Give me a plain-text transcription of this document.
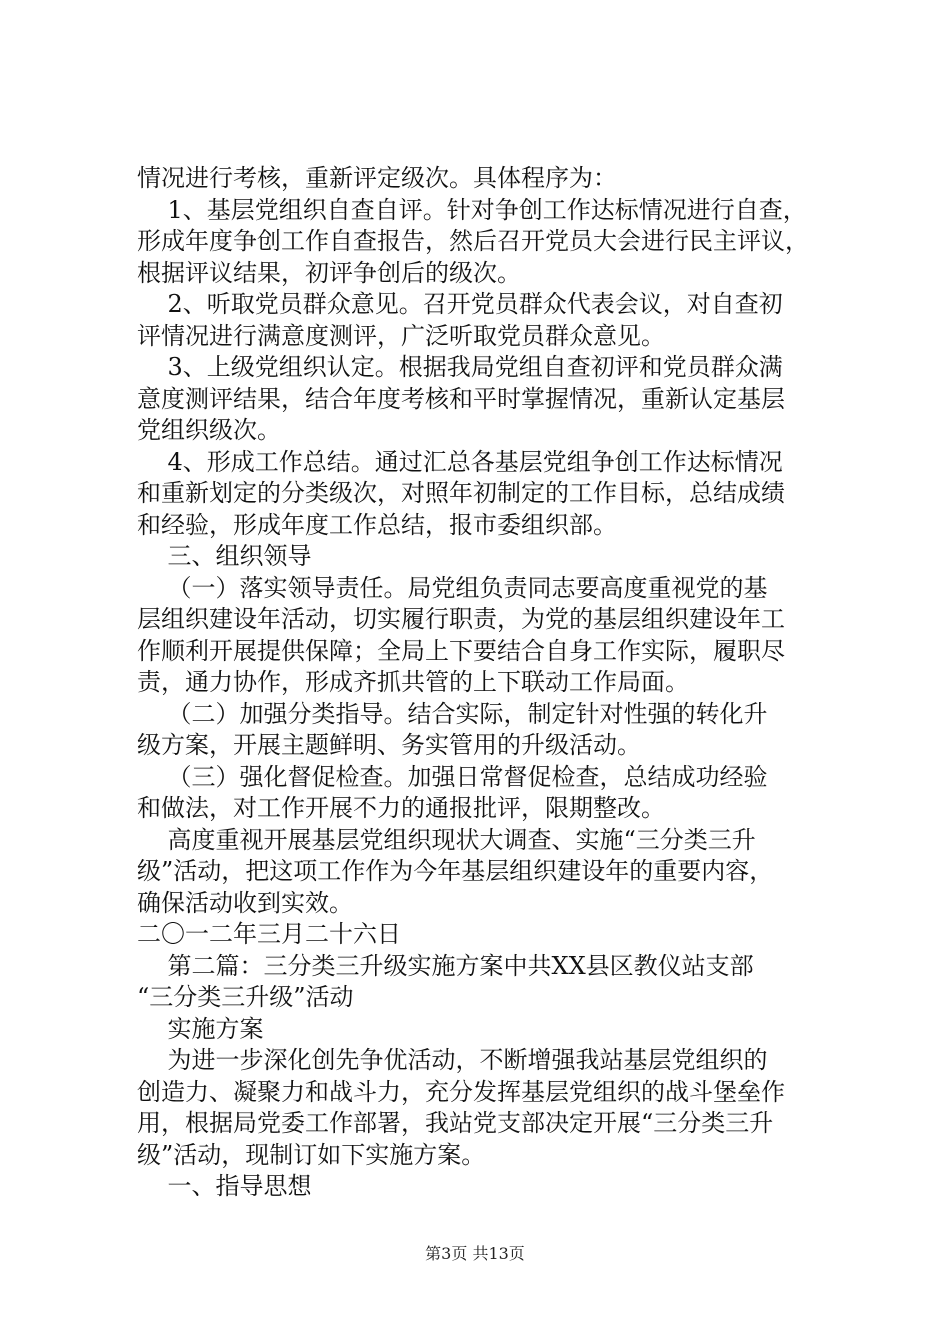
情况进行考核，重新评定级次。具体程序为：
1、基层党组织自查自评。针对争创工作达标情况进行自查，
形成年度争创工作自查报告，然后召开党员大会进行民主评议，
根据评议结果，初评争创后的级次。
2、听取党员群众意见。召开党员群众代表会议，对自查初
评情况进行满意度测评，广泛听取党员群众意见。
3、上级党组织认定。根据我局党组自查初评和党员群众满
意度测评结果，结合年度考核和平时掌握情况，重新认定基层
党组织级次。
4、形成工作总结。通过汇总各基层党组争创工作达标情况
和重新划定的分类级次，对照年初制定的工作目标，总结成绩
和经验，形成年度工作总结，报市委组织部。
三、组织领导
（一）落实领导责任。局党组负责同志要高度重视党的基
层组织建设年活动，切实履行职责，为党的基层组织建设年工
作顺利开展提供保障；全局上下要结合自身工作实际，履职尽
责，通力协作，形成齐抓共管的上下联动工作局面。
（二）加强分类指导。结合实际，制定针对性强的转化升
级方案，开展主题鲜明、务实管用的升级活动。
（三）强化督促检查。加强日常督促检查，总结成功经验
和做法，对工作开展不力的通报批评，限期整改。
高度重视开展基层党组织现状大调查、实施“三分类三升
级”活动，把这项工作作为今年基层组织建设年的重要内容，
确保活动收到实效。
二〇一二年三月二十六日
第二篇：三分类三升级实施方案中共XX县区教仪站支部
“三分类三升级”活动
实施方案
为进一步深化创先争优活动，不断增强我站基层党组织的
创造力、凝聚力和战斗力，充分发挥基层党组织的战斗堡垒作
用，根据局党委工作部署，我站党支部决定开展“三分类三升
级”活动，现制订如下实施方案。
一、指导思想
第3页 共13页
